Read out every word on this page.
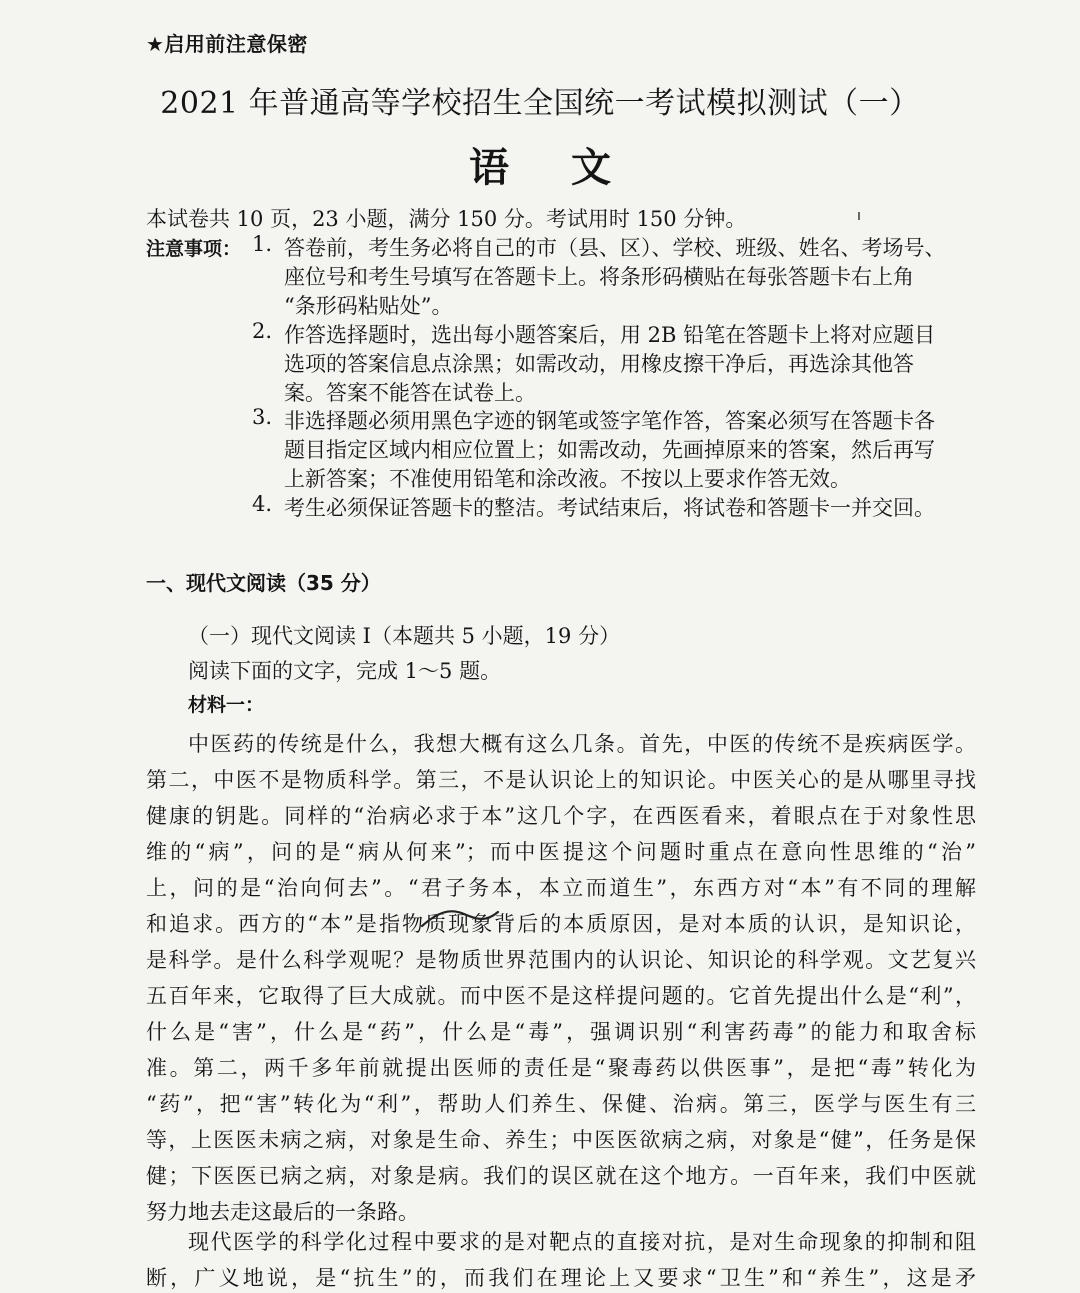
★启用前注意保密
2021 年普通高等学校招生全国统一考试模拟测试（一）
语文
本试卷共 10 页，23 小题，满分 150 分。考试用时 150 分钟。
注意事项： 1. 答卷前，考生务必将自己的市（县、区）、学校、班级、姓名、考场号、
座位号和考生号填写在答题卡上。将条形码横贴在每张答题卡右上角
“条形码粘贴处”。
2. 作答选择题时，选出每小题答案后，用 2B 铅笔在答题卡上将对应题目
选项的答案信息点涂黑；如需改动，用橡皮擦干净后，再选涂其他答
案。答案不能答在试卷上。
3. 非选择题必须用黑色字迹的钢笔或签字笔作答，答案必须写在答题卡各
题目指定区域内相应位置上；如需改动，先画掉原来的答案，然后再写
上新答案；不准使用铅笔和涂改液。不按以上要求作答无效。
4. 考生必须保证答题卡的整洁。考试结束后，将试卷和答题卡一并交回。
一、现代文阅读（35 分）
（一）现代文阅读 I（本题共 5 小题，19 分）
阅读下面的文字，完成 1～5 题。
材料一：
中医药的传统是什么，我想大概有这么几条。首先，中医的传统不是疾病医学。
第二，中医不是物质科学。第三，不是认识论上的知识论。中医关心的是从哪里寻找
健康的钥匙。同样的“治病必求于本”这几个字，在西医看来，着眼点在于对象性思
维的“病”，问的是“病从何来”；而中医提这个问题时重点在意向性思维的“治”
上，问的是“治向何去”。“君子务本，本立而道生”，东西方对“本”有不同的理解
和追求。西方的“本”是指物质现象背后的本质原因，是对本质的认识，是知识论，
是科学。是什么科学观呢？是物质世界范围内的认识论、知识论的科学观。文艺复兴
五百年来，它取得了巨大成就。而中医不是这样提问题的。它首先提出什么是“利”，
什么是“害”，什么是“药”，什么是“毒”，强调识别“利害药毒”的能力和取舍标
准。第二，两千多年前就提出医师的责任是“聚毒药以供医事”，是把“毒”转化为
“药”，把“害”转化为“利”，帮助人们养生、保健、治病。第三，医学与医生有三
等，上医医未病之病，对象是生命、养生；中医医欲病之病，对象是“健”，任务是保
健；下医医已病之病，对象是病。我们的误区就在这个地方。一百年来，我们中医就
努力地去走这最后的一条路。
现代医学的科学化过程中要求的是对靶点的直接对抗，是对生命现象的抑制和阻
断，广义地说，是“抗生”的，而我们在理论上又要求“卫生”和“养生”，这是矛
